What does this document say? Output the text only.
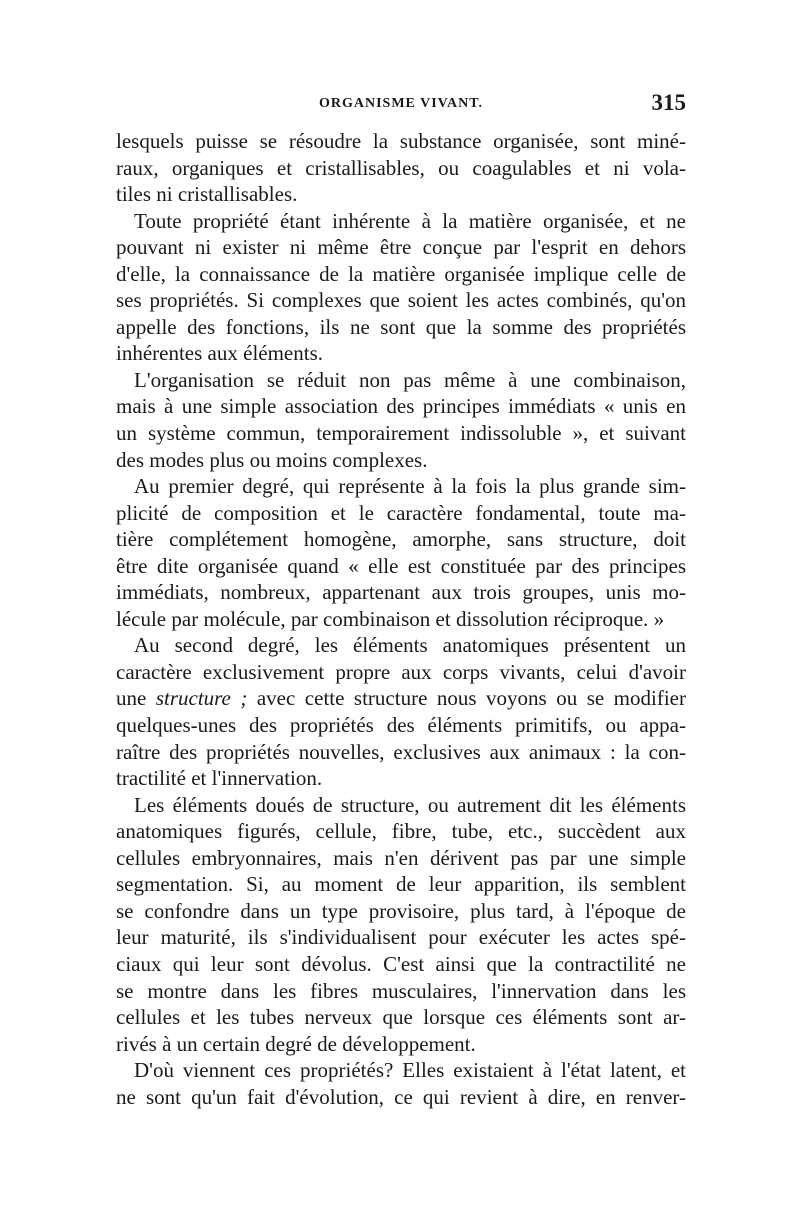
ORGANISME VIVANT.	315
lesquels puisse se résoudre la substance organisée, sont miné-
raux, organiques et cristallisables, ou coagulables et ni vola-
tiles ni cristallisables.
Toute propriété étant inhérente à la matière organisée, et ne
pouvant ni exister ni même être conçue par l'esprit en dehors
d'elle, la connaissance de la matière organisée implique celle de
ses propriétés. Si complexes que soient les actes combinés, qu'on
appelle des fonctions, ils ne sont que la somme des propriétés
inhérentes aux éléments.
L'organisation se réduit non pas même à une combinaison,
mais à une simple association des principes immédiats « unis en
un système commun, temporairement indissoluble », et suivant
des modes plus ou moins complexes.
Au premier degré, qui représente à la fois la plus grande sim-
plicité de composition et le caractère fondamental, toute ma-
tière complétement homogène, amorphe, sans structure, doit
être dite organisée quand « elle est constituée par des principes
immédiats, nombreux, appartenant aux trois groupes, unis mo-
lécule par molécule, par combinaison et dissolution réciproque. »
Au second degré, les éléments anatomiques présentent un
caractère exclusivement propre aux corps vivants, celui d'avoir
une structure ; avec cette structure nous voyons ou se modifier
quelques-unes des propriétés des éléments primitifs, ou appa-
raître des propriétés nouvelles, exclusives aux animaux : la con-
tractilité et l'innervation.
Les éléments doués de structure, ou autrement dit les éléments
anatomiques figurés, cellule, fibre, tube, etc., succèdent aux
cellules embryonnaires, mais n'en dérivent pas par une simple
segmentation. Si, au moment de leur apparition, ils semblent
se confondre dans un type provisoire, plus tard, à l'époque de
leur maturité, ils s'individualisent pour exécuter les actes spé-
ciaux qui leur sont dévolus. C'est ainsi que la contractilité ne
se montre dans les fibres musculaires, l'innervation dans les
cellules et les tubes nerveux que lorsque ces éléments sont ar-
rivés à un certain degré de développement.
D'où viennent ces propriétés? Elles existaient à l'état latent, et
ne sont qu'un fait d'évolution, ce qui revient à dire, en renver-
